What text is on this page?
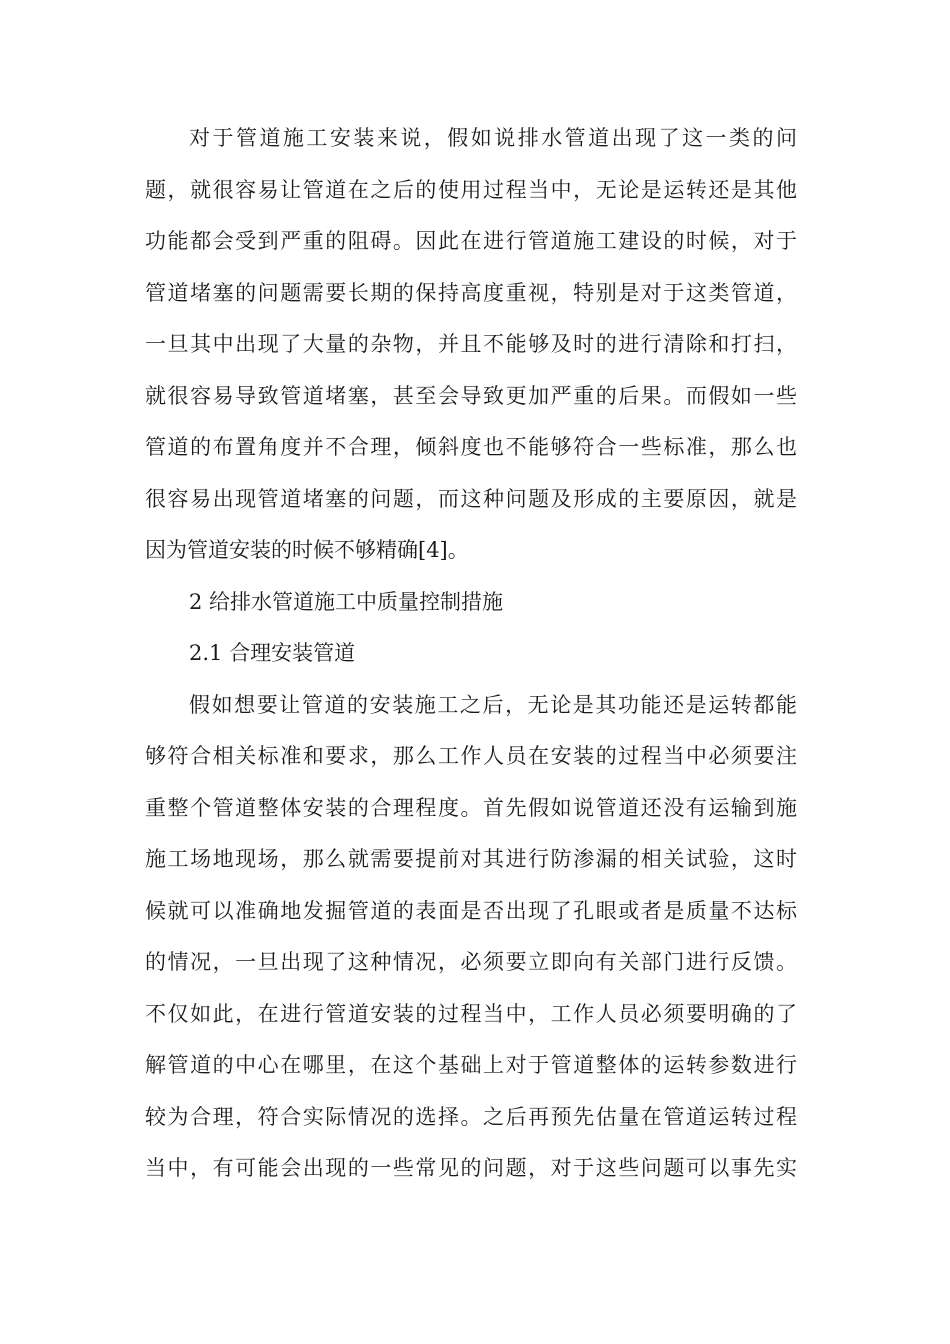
对于管道施工安装来说，假如说排水管道出现了这一类的问
题，就很容易让管道在之后的使用过程当中，无论是运转还是其他
功能都会受到严重的阻碍。因此在进行管道施工建设的时候，对于
管道堵塞的问题需要长期的保持高度重视，特别是对于这类管道，
一旦其中出现了大量的杂物，并且不能够及时的进行清除和打扫，
就很容易导致管道堵塞，甚至会导致更加严重的后果。而假如一些
管道的布置角度并不合理，倾斜度也不能够符合一些标准，那么也
很容易出现管道堵塞的问题，而这种问题及形成的主要原因，就是
因为管道安装的时候不够精确[4]。
2 给排水管道施工中质量控制措施
2.1 合理安装管道
假如想要让管道的安装施工之后，无论是其功能还是运转都能
够符合相关标准和要求，那么工作人员在安装的过程当中必须要注
重整个管道整体安装的合理程度。首先假如说管道还没有运输到施
施工场地现场，那么就需要提前对其进行防渗漏的相关试验，这时
候就可以准确地发掘管道的表面是否出现了孔眼或者是质量不达标
的情况，一旦出现了这种情况，必须要立即向有关部门进行反馈。
不仅如此，在进行管道安装的过程当中，工作人员必须要明确的了
解管道的中心在哪里，在这个基础上对于管道整体的运转参数进行
较为合理，符合实际情况的选择。之后再预先估量在管道运转过程
当中，有可能会出现的一些常见的问题，对于这些问题可以事先实
